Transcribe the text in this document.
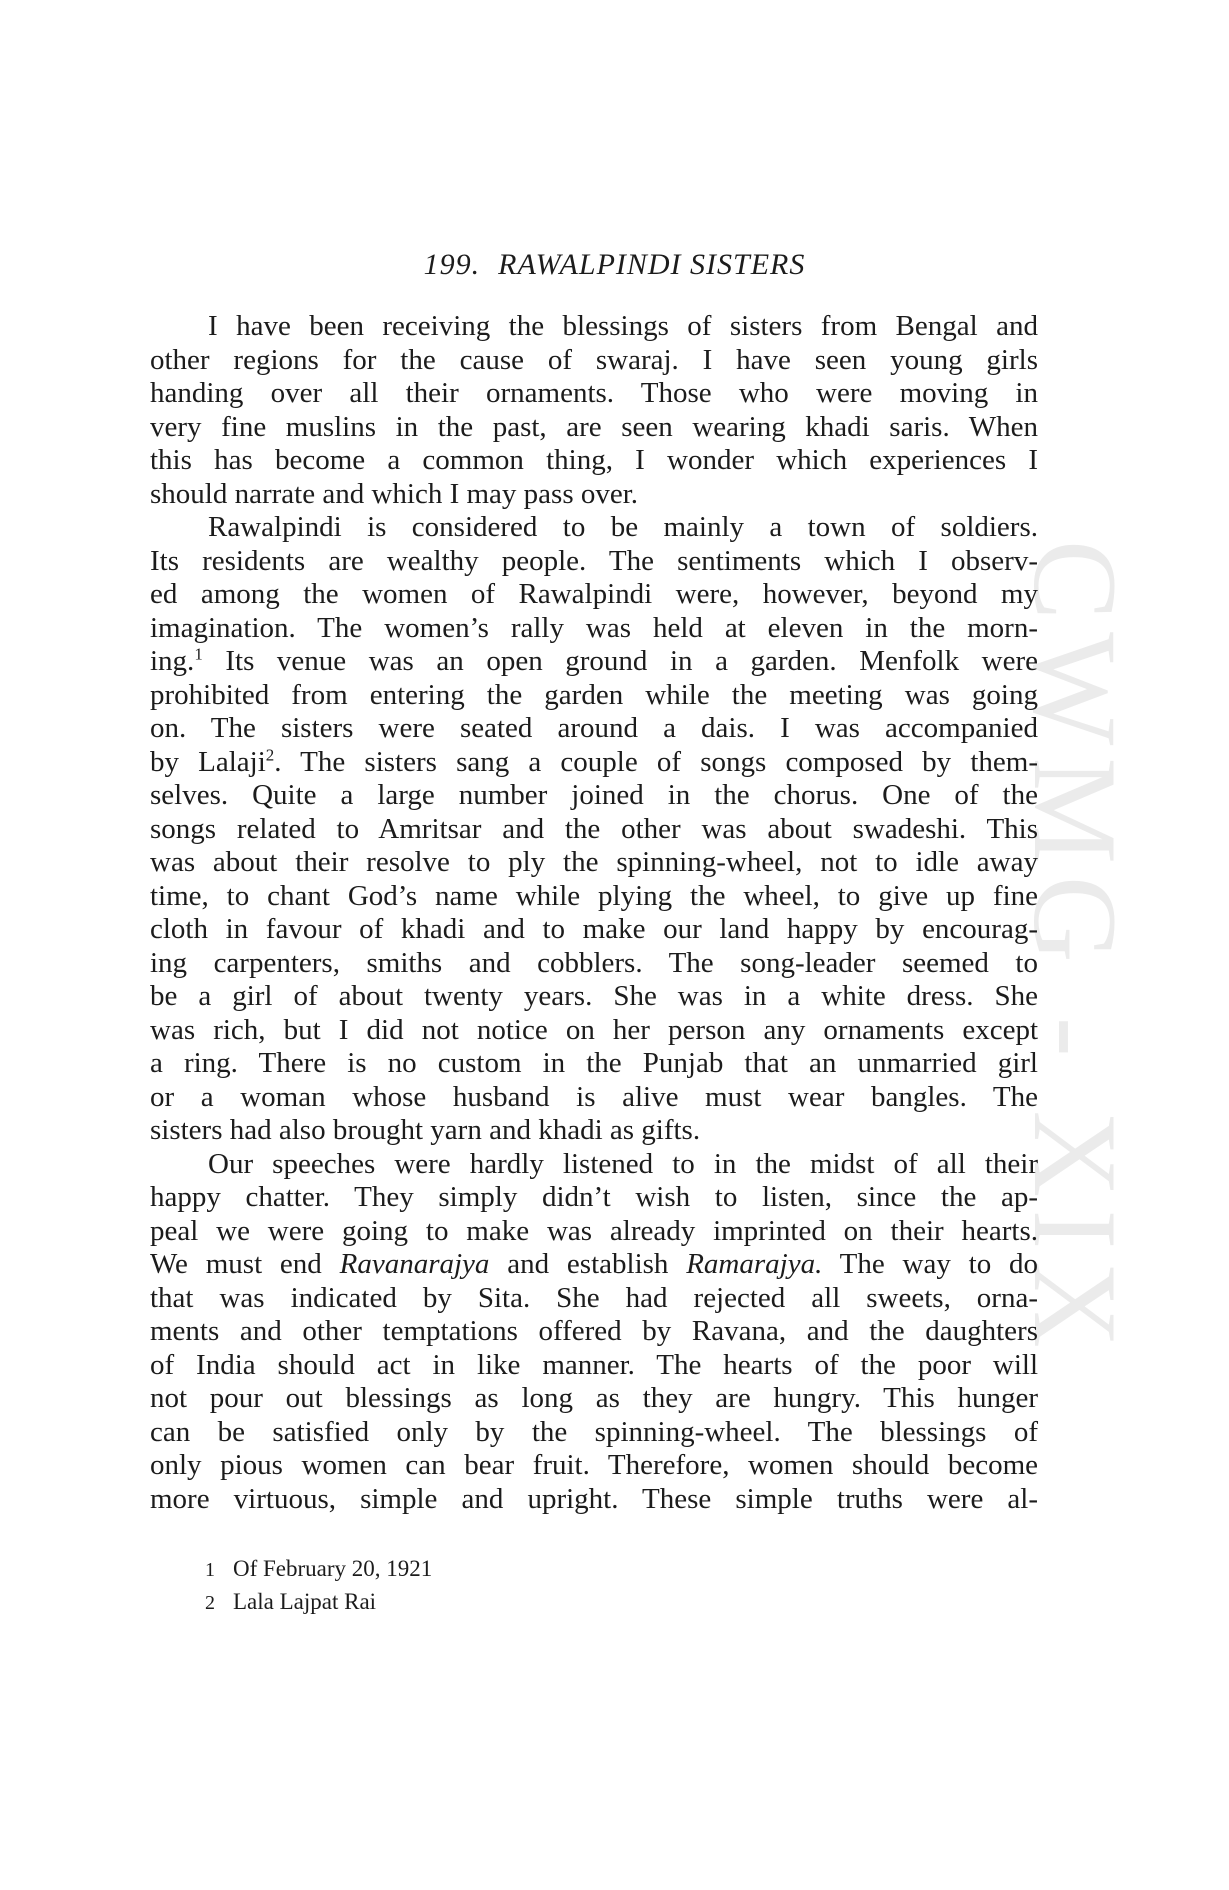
CWMG - XIX
199. RAWALPINDI SISTERS

I have been receiving the blessings of sisters from Bengal and
other regions for the cause of swaraj. I have seen young girls
handing over all their ornaments. Those who were moving in
very fine muslins in the past, are seen wearing khadi saris. When
this has become a common thing, I wonder which experiences I
should narrate and which I may pass over.

Rawalpindi is considered to be mainly a town of soldiers.
Its residents are wealthy people. The sentiments which I observ-
ed among the women of Rawalpindi were, however, beyond my
imagination. The women’s rally was held at eleven in the morn-
ing.$^1$ Its venue was an open ground in a garden. Menfolk were
prohibited from entering the garden while the meeting was going
on. The sisters were seated around a dais. I was accompanied
by Lalaji$^2$. The sisters sang a couple of songs composed by them-
selves. Quite a large number joined in the chorus. One of the
songs related to Amritsar and the other was about swadeshi. This
was about their resolve to ply the spinning-wheel, not to idle away
time, to chant God’s name while plying the wheel, to give up fine
cloth in favour of khadi and to make our land happy by encourag-
ing carpenters, smiths and cobblers. The song-leader seemed to
be a girl of about twenty years. She was in a white dress. She
was rich, but I did not notice on her person any ornaments except
a ring. There is no custom in the Punjab that an unmarried girl
or a woman whose husband is alive must wear bangles. The
sisters had also brought yarn and khadi as gifts.

Our speeches were hardly listened to in the midst of all their
happy chatter. They simply didn’t wish to listen, since the ap-
peal we were going to make was already imprinted on their hearts.
We must end Ravanarajya and establish Ramarajya. The way to do
that was indicated by Sita. She had rejected all sweets, orna-
ments and other temptations offered by Ravana, and the daughters
of India should act in like manner. The hearts of the poor will
not pour out blessings as long as they are hungry. This hunger
can be satisfied only by the spinning-wheel. The blessings of
only pious women can bear fruit. Therefore, women should become
more virtuous, simple and upright. These simple truths were al-

1 Of February 20, 1921
2 Lala Lajpat Rai
